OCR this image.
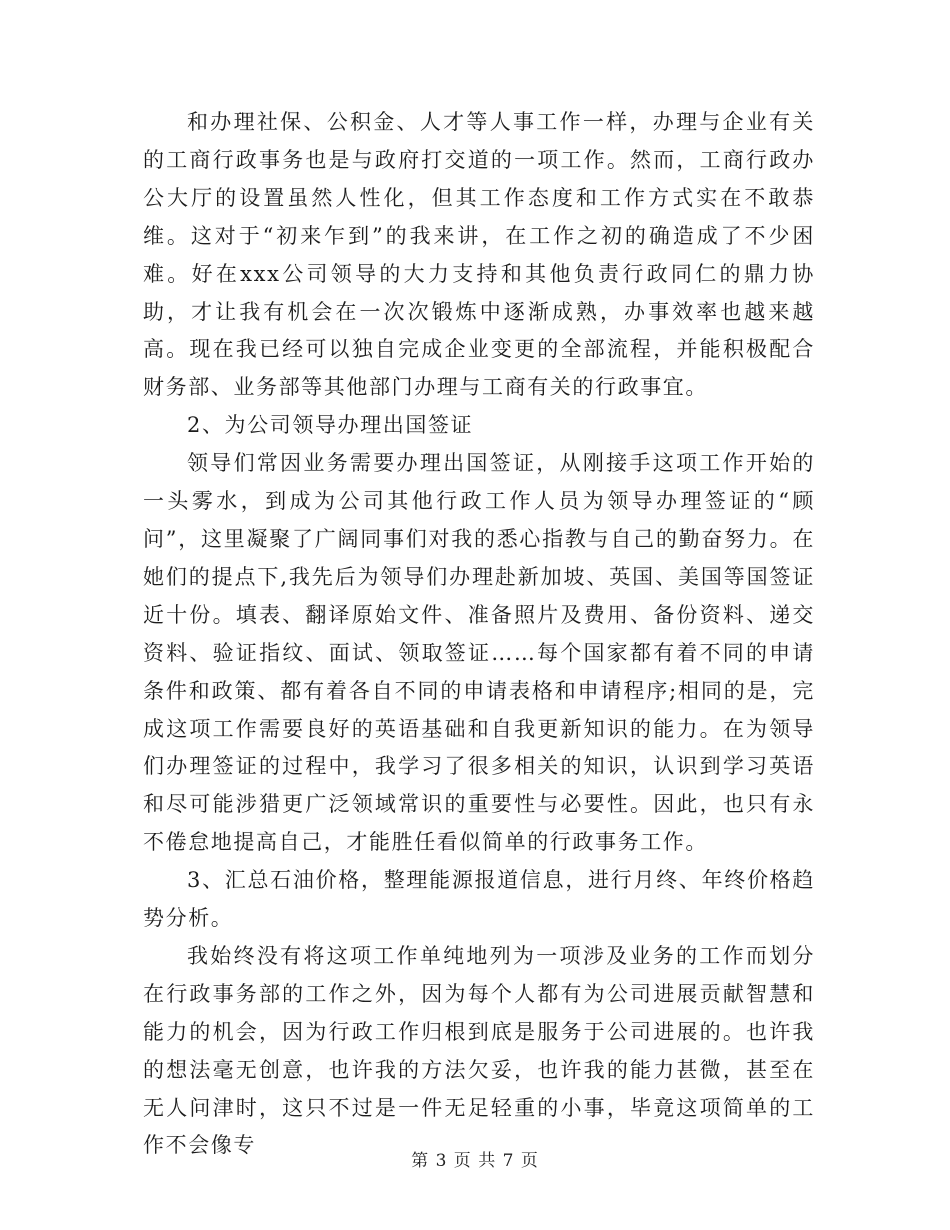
和办理社保、公积金、人才等人事工作一样，办理与企业有关的工商行政事务也是与政府打交道的一项工作。然而，工商行政办公大厅的设置虽然人性化，但其工作态度和工作方式实在不敢恭维。这对于“初来乍到”的我来讲，在工作之初的确造成了不少困难。好在xxx公司领导的大力支持和其他负责行政同仁的鼎力协助，才让我有机会在一次次锻炼中逐渐成熟，办事效率也越来越高。现在我已经可以独自完成企业变更的全部流程，并能积极配合财务部、业务部等其他部门办理与工商有关的行政事宜。

2、为公司领导办理出国签证

领导们常因业务需要办理出国签证，从刚接手这项工作开始的一头雾水，到成为公司其他行政工作人员为领导办理签证的“顾问”，这里凝聚了广阔同事们对我的悉心指教与自己的勤奋努力。在她们的提点下,我先后为领导们办理赴新加坡、英国、美国等国签证近十份。填表、翻译原始文件、准备照片及费用、备份资料、递交资料、验证指纹、面试、领取签证……每个国家都有着不同的申请条件和政策、都有着各自不同的申请表格和申请程序;相同的是，完成这项工作需要良好的英语基础和自我更新知识的能力。在为领导们办理签证的过程中，我学习了很多相关的知识，认识到学习英语和尽可能涉猎更广泛领域常识的重要性与必要性。因此，也只有永不倦怠地提高自己，才能胜任看似简单的行政事务工作。

3、汇总石油价格，整理能源报道信息，进行月终、年终价格趋势分析。

我始终没有将这项工作单纯地列为一项涉及业务的工作而划分在行政事务部的工作之外，因为每个人都有为公司进展贡献智慧和能力的机会，因为行政工作归根到底是服务于公司进展的。也许我的想法毫无创意，也许我的方法欠妥，也许我的能力甚微，甚至在无人问津时，这只不过是一件无足轻重的小事，毕竟这项简单的工作不会像专

第 3 页 共 7 页
